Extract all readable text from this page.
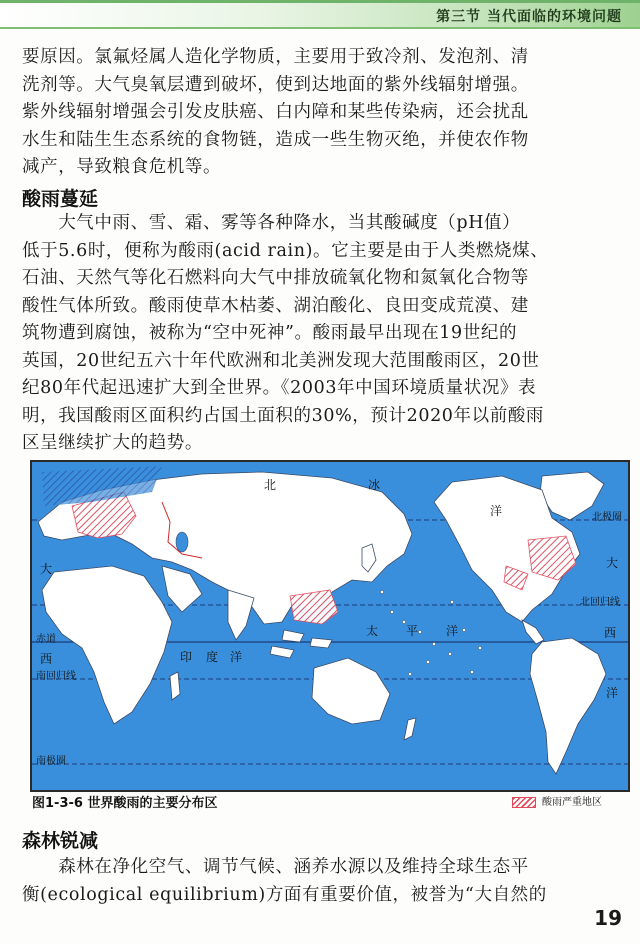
第三节 当代面临的环境问题

要原因。氯氟烃属人造化学物质，主要用于致冷剂、发泡剂、清

洗剂等。大气臭氧层遭到破坏，使到达地面的紫外线辐射增强。

紫外线辐射增强会引发皮肤癌、白内障和某些传染病，还会扰乱

水生和陆生生态系统的食物链，造成一些生物灭绝，并使农作物

减产，导致粮食危机等。

酸雨蔓延

　　大气中雨、雪、霜、雾等各种降水，当其酸碱度（pH值）

低于5.6时，便称为酸雨(acid rain)。它主要是由于人类燃烧煤、

石油、天然气等化石燃料向大气中排放硫氧化物和氮氧化合物等

酸性气体所致。酸雨使草木枯萎、湖泊酸化、良田变成荒漠、建

筑物遭到腐蚀，被称为“空中死神”。酸雨最早出现在19世纪的

英国，20世纪五六十年代欧洲和北美洲发现大范围酸雨区，20世

纪80年代起迅速扩大到全世界。《2003年中国环境质量状况》表

明，我国酸雨区面积约占国土面积的30%，预计2020年以前酸雨

区呈继续扩大的趋势。

北	冰
洋
大
西
大
西
洋
印 度 洋
太 平 洋
北极圈
北回归线
赤道
南回归线
南极圈
图1-3-6 世界酸雨的主要分布区	酸雨严重地区
森林锐减

　　森林在净化空气、调节气候、涵养水源以及维持全球生态平

衡(ecological equilibrium)方面有重要价值，被誉为“大自然的

19
